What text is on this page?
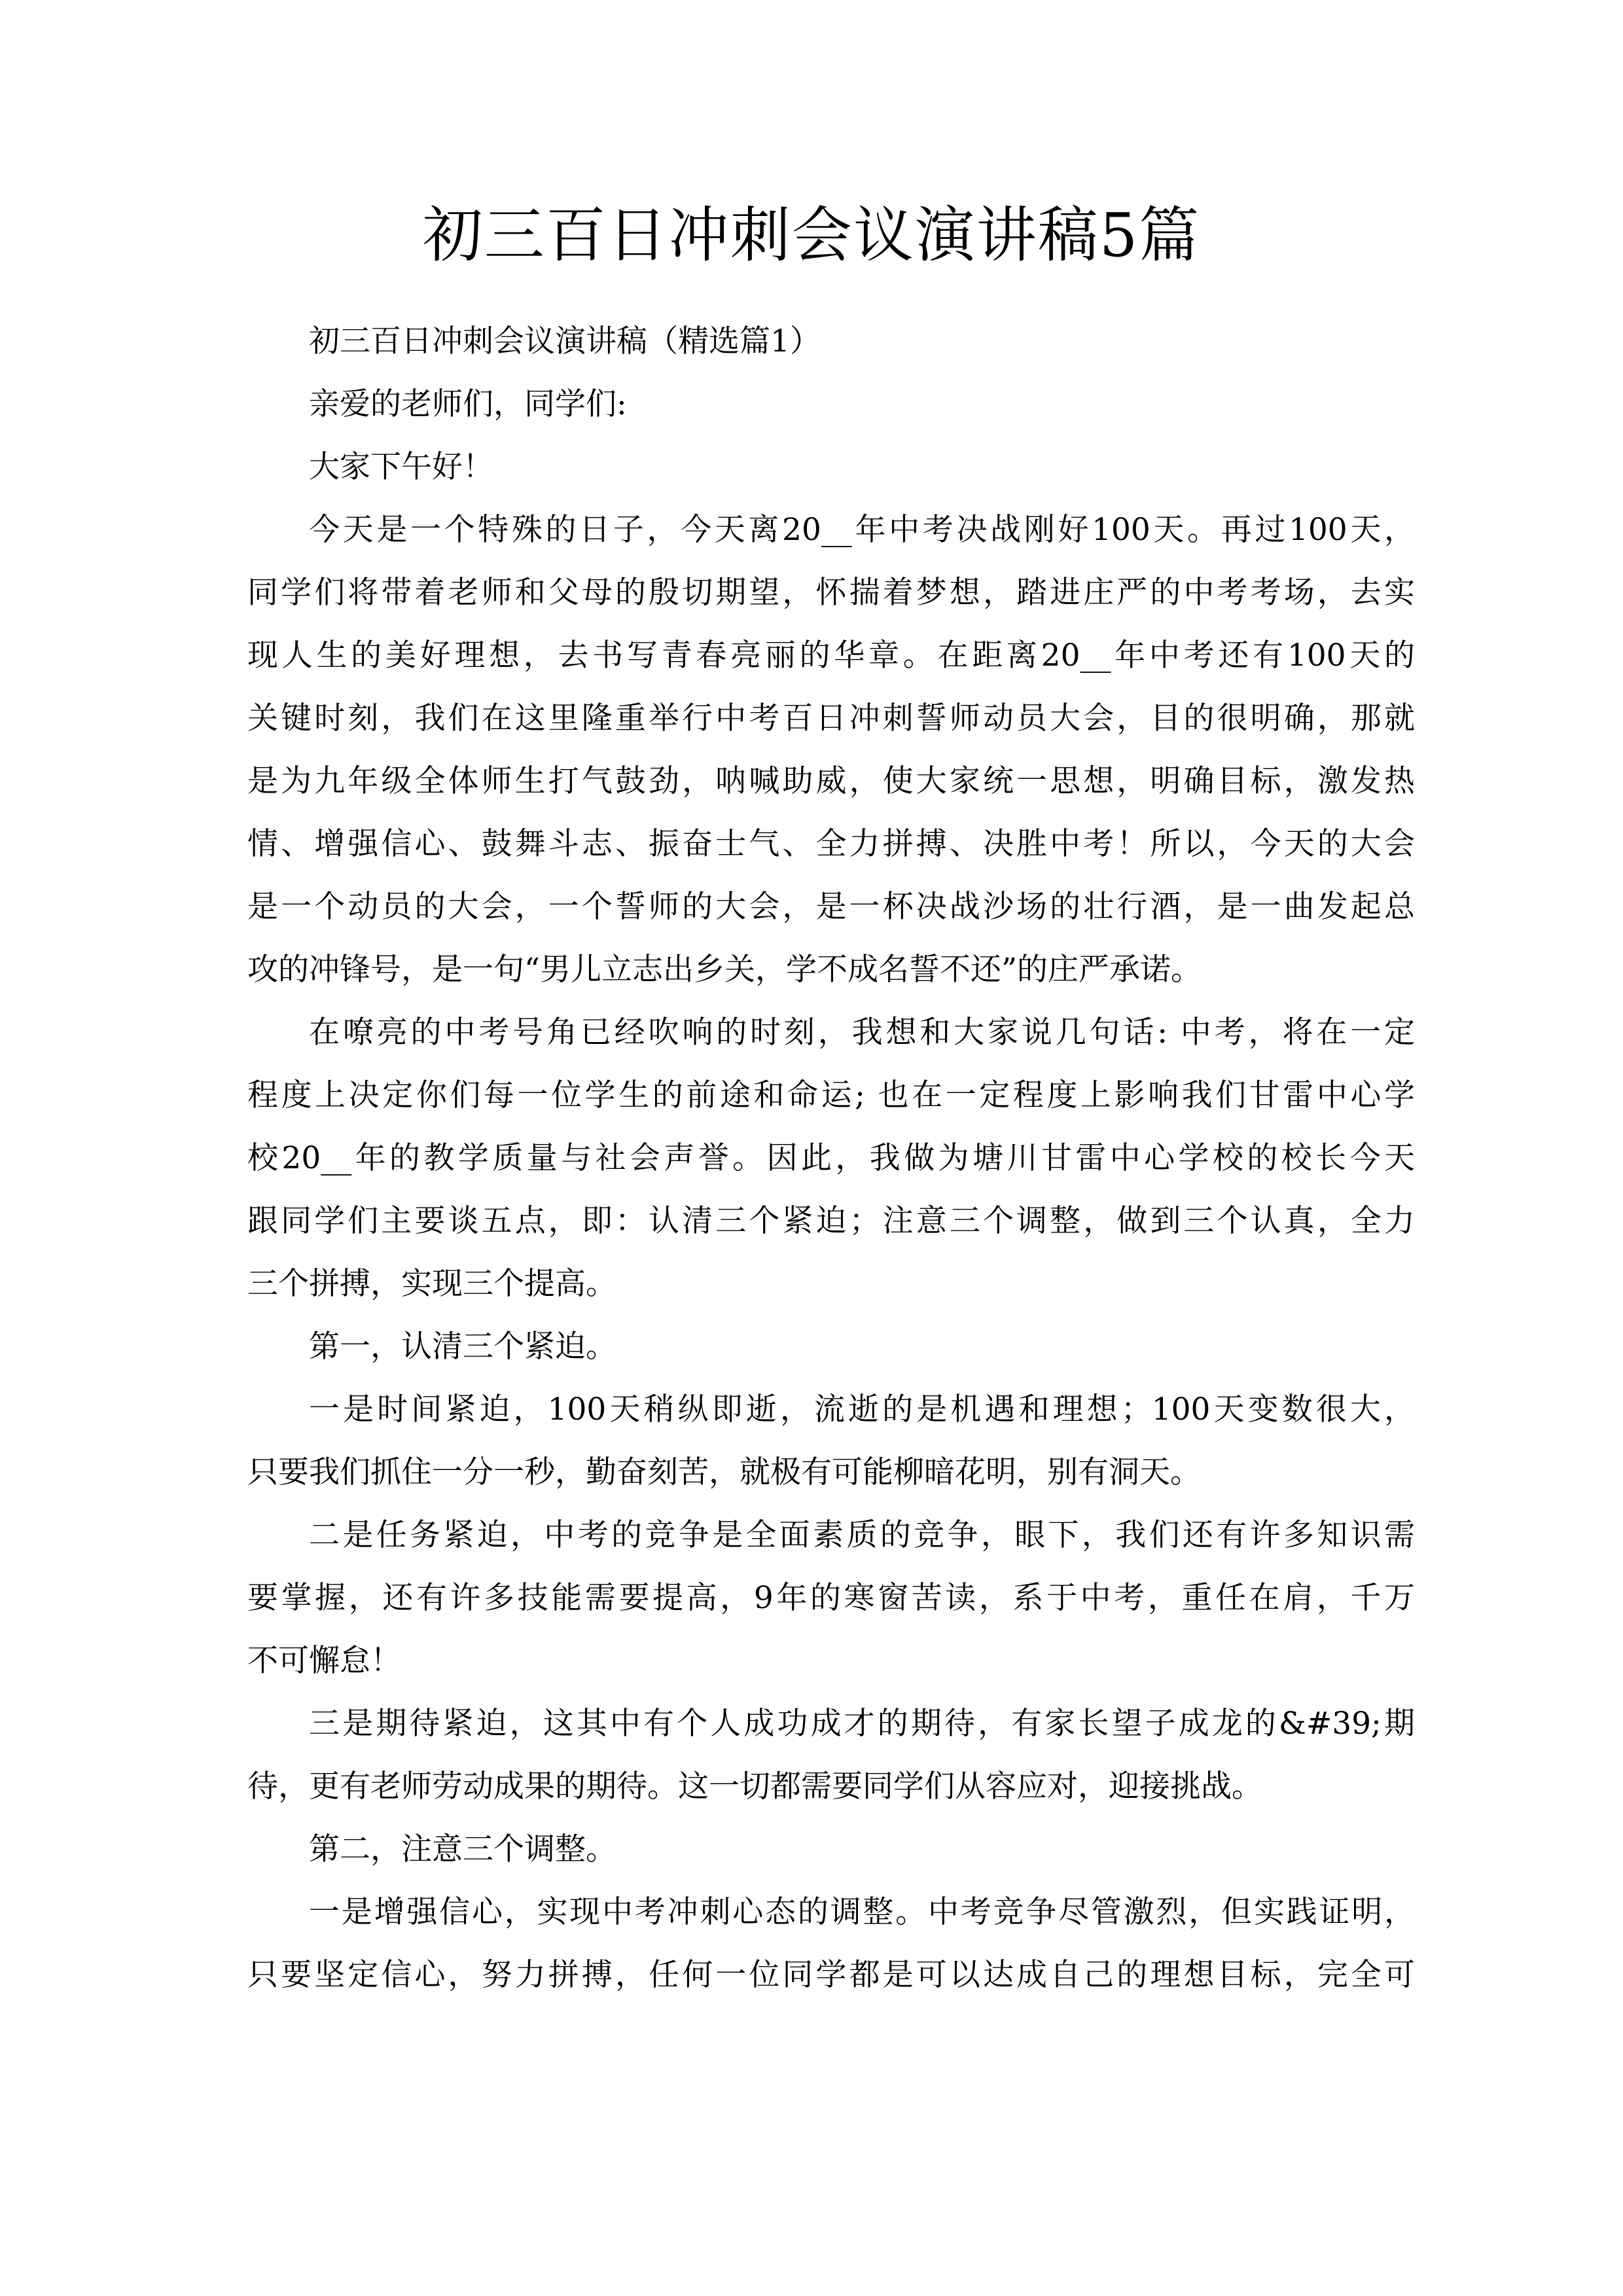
初三百日冲刺会议演讲稿5篇
初三百日冲刺会议演讲稿（精选篇1）
亲爱的老师们，同学们:
大家下午好！
今天是一个特殊的日子，今天离20__年中考决战刚好100天。再过100天，
同学们将带着老师和父母的殷切期望，怀揣着梦想，踏进庄严的中考考场，去实
现人生的美好理想，去书写青春亮丽的华章。在距离20__年中考还有100天的
关键时刻，我们在这里隆重举行中考百日冲刺誓师动员大会，目的很明确，那就
是为九年级全体师生打气鼓劲，呐喊助威，使大家统一思想，明确目标，激发热
情、增强信心、鼓舞斗志、振奋士气、全力拼搏、决胜中考！所以，今天的大会
是一个动员的大会，一个誓师的大会，是一杯决战沙场的壮行酒，是一曲发起总
攻的冲锋号，是一句“男儿立志出乡关，学不成名誓不还”的庄严承诺。
在嘹亮的中考号角已经吹响的时刻，我想和大家说几句话: 中考，将在一定
程度上决定你们每一位学生的前途和命运; 也在一定程度上影响我们甘雷中心学
校20__年的教学质量与社会声誉。因此，我做为塘川甘雷中心学校的校长今天
跟同学们主要谈五点，即：认清三个紧迫；注意三个调整，做到三个认真，全力
三个拼搏，实现三个提高。
第一，认清三个紧迫。
一是时间紧迫，100天稍纵即逝，流逝的是机遇和理想；100天变数很大，
只要我们抓住一分一秒，勤奋刻苦，就极有可能柳暗花明，别有洞天。
二是任务紧迫，中考的竞争是全面素质的竞争，眼下，我们还有许多知识需
要掌握，还有许多技能需要提高，9年的寒窗苦读，系于中考，重任在肩，千万
不可懈怠！
三是期待紧迫，这其中有个人成功成才的期待，有家长望子成龙的&#39;期
待，更有老师劳动成果的期待。这一切都需要同学们从容应对，迎接挑战。
第二，注意三个调整。
一是增强信心，实现中考冲刺心态的调整。中考竞争尽管激烈，但实践证明，
只要坚定信心，努力拼搏，任何一位同学都是可以达成自己的理想目标，完全可
